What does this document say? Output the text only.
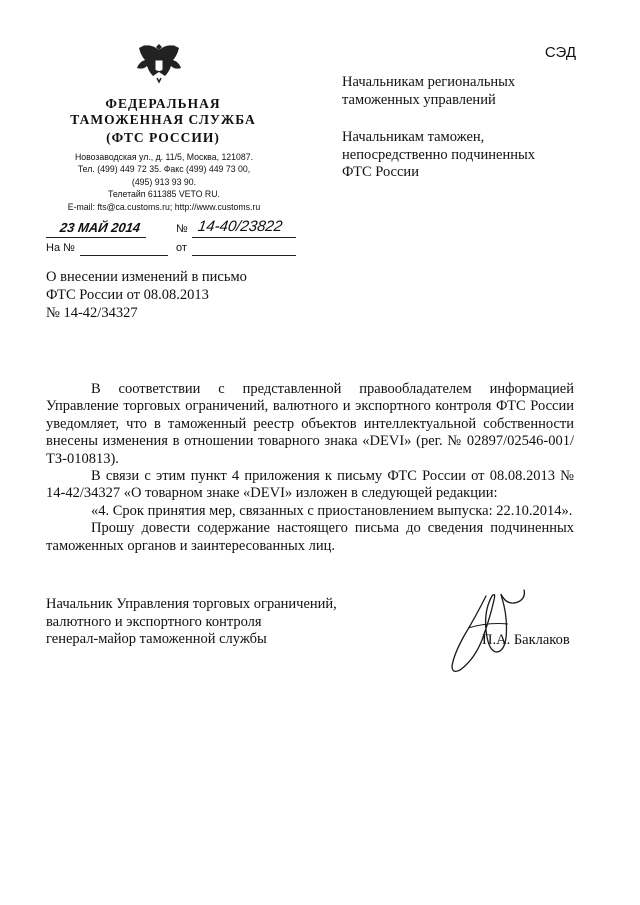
СЭД
ФЕДЕРАЛЬНАЯ
ТАМОЖЕННАЯ СЛУЖБА
(ФТС РОССИИ)
Новозаводская ул., д. 11/5, Москва, 121087.
Тел. (499) 449 72 35. Факс (499) 449 73 00,
(495) 913 93 90.
Телетайп 611385 VETO RU.
E-mail: fts@ca.customs.ru; http://www.customs.ru
23 МАЙ 2014	№ 14-40/23822
На №	от
Начальникам региональных
таможенных управлений
Начальникам таможен,
непосредственно подчиненных
ФТС России
О внесении изменений в письмо
ФТС России от 08.08.2013
№ 14-42/34327

В соответствии с представленной правообладателем информацией Управление торговых ограничений, валютного и экспортного контроля ФТС России уведомляет, что в таможенный реестр объектов интеллектуальной собственности внесены изменения в отношении товарного знака «DEVI» (рег. № 02897/02546-001/ТЗ-010813).

В связи с этим пункт 4 приложения к письму ФТС России от 08.08.2013 № 14-42/34327 «О товарном знаке «DEVI» изложен в следующей редакции:

«4. Срок принятия мер, связанных с приостановлением выпуска: 22.10.2014».

Прошу довести содержание настоящего письма до сведения подчиненных таможенных органов и заинтересованных лиц.

Начальник Управления торговых ограничений,
валютного и экспортного контроля
генерал-майор таможенной службы	П.А. Баклаков
